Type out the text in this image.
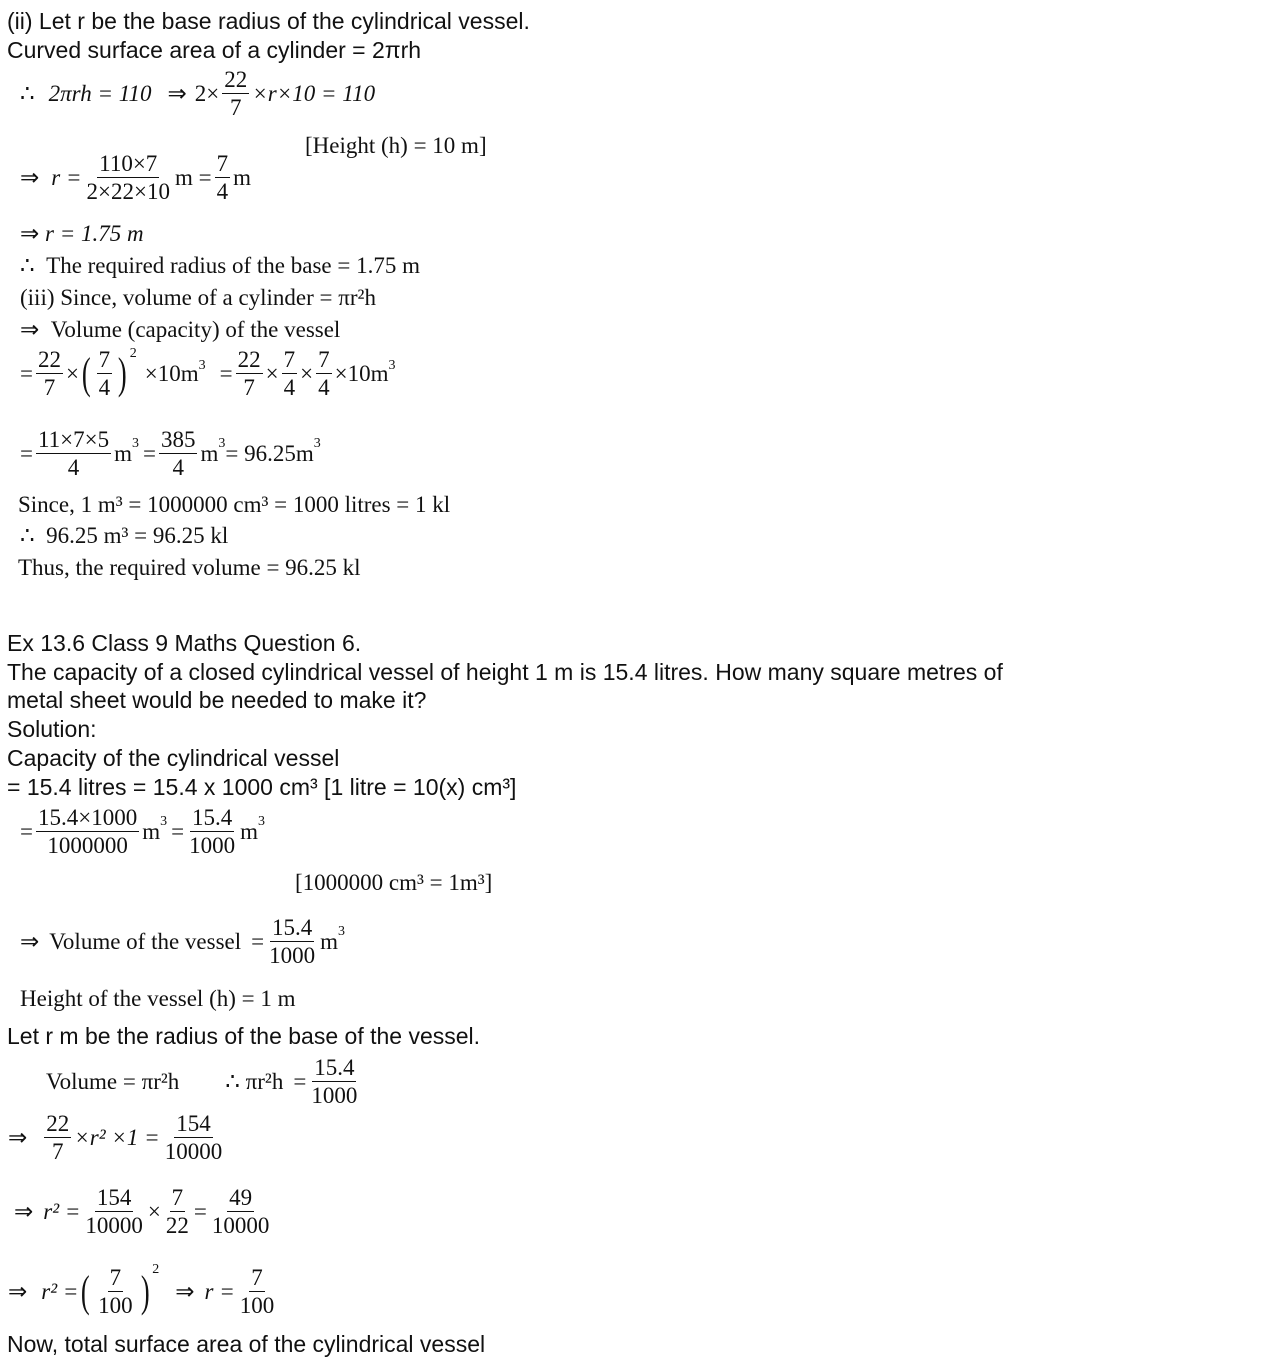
(ii) Let r be the base radius of the cylindrical vessel.
Curved surface area of a cylinder = 2πrh
∴ 2πrh = 110 ⇒ $2\times \frac{22}{7} \times r\times 10 = 110$
[Height (h) = 10 m]
⇒ $r = \frac{110\times 7}{2\times 22\times 10}$ $m = \frac{7}{4}$ m
⇒ r = 1.75 m
∴ The required radius of the base = 1.75 m
(iii) Since, volume of a cylinder = πr²h
⇒ Volume (capacity) of the vessel
= $\frac{22}{7}$ × ( $\frac{7}{4} )^2$
$\times 10m^3 = \frac{22}{7} \times \frac{7}{4} \times \frac{7}{4} \times 10m^3$
= $\frac{11\times 7\times 5}{4} m^3 = \frac{385}{4} m^3 = 96.25m^3$
Since, 1 m³ = 1000000 cm³ = 1000 litres = 1 kl
∴ 96.25 m³ = 96.25 kl
Thus, the required volume = 96.25 kl
Ex 13.6 Class 9 Maths Question 6.
The capacity of a closed cylindrical vessel of height 1 m is 15.4 litres. How many square metres of
metal sheet would be needed to make it?
Solution:
Capacity of the cylindrical vessel
= 15.4 litres = 15.4 x 1000 cm³ [1 litre = 10(x) cm³]
= $\frac{15.4\times 1000}{1000000} m^3 = \frac{15.4}{1000} m^3$
[1000000 cm³ = 1m³]
⇒ Volume of the vessel = $\frac{15.4}{1000} m^3$
Height of the vessel (h) = 1 m
Let r m be the radius of the base of the vessel.
Volume = πr²h ∴ $\pi r^2h = \frac{15.4}{1000}$
⇒ $\frac{22}{7} \times r^2 \times 1 = \frac{154}{10000}$
⇒ $r^2 = \frac{154}{10000} \times \frac{7}{22} = \frac{49}{10000}$
⇒ r² = ( $\frac{7}{100} )^2$
⇒ $r = \frac{7}{100}$
Now, total surface area of the cylindrical vessel
